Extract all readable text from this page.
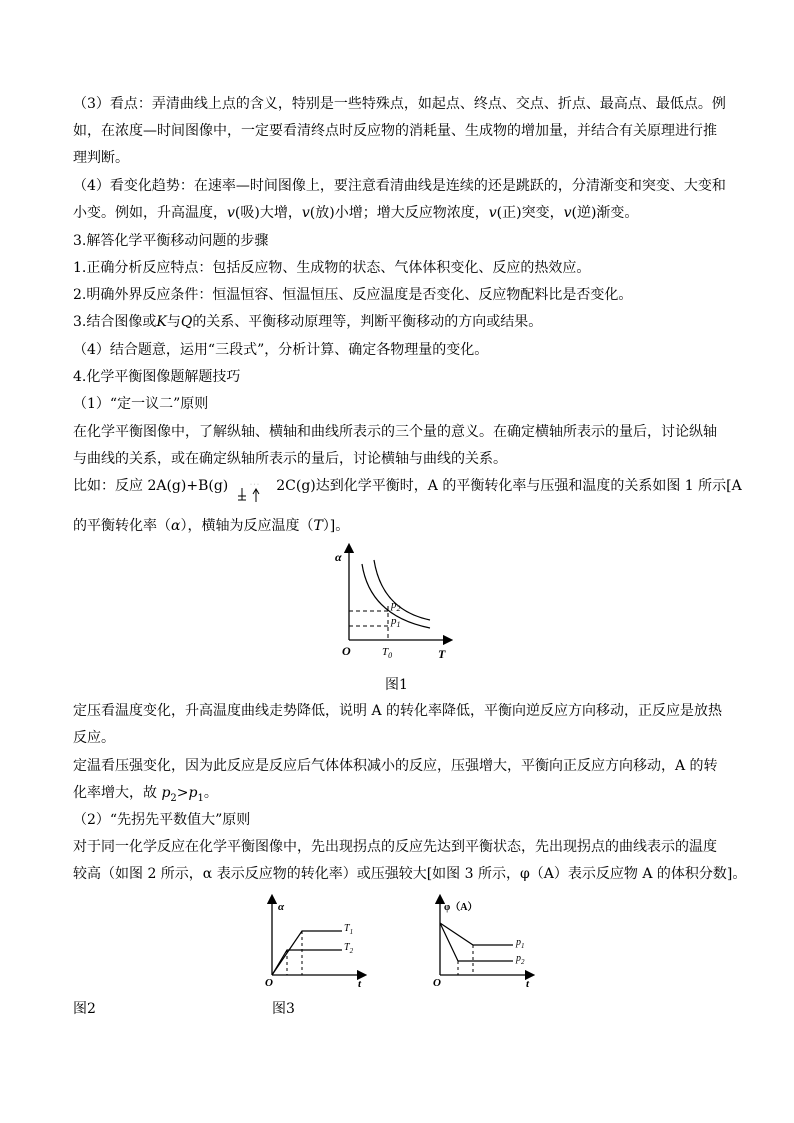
（3）看点：弄清曲线上点的含义，特别是一些特殊点，如起点、终点、交点、折点、最高点、最低点。例
如，在浓度—时间图像中，一定要看清终点时反应物的消耗量、生成物的增加量，并结合有关原理进行推
理判断。
（4）看变化趋势：在速率—时间图像上，要注意看清曲线是连续的还是跳跃的，分清渐变和突变、大变和
小变。例如，升高温度，v(吸)大增，v(放)小增；增大反应物浓度，v(正)突变，v(逆)渐变。
3.解答化学平衡移动问题的步骤
1.正确分析反应特点：包括反应物、生成物的状态、气体体积变化、反应的热效应。
2.明确外界反应条件：恒温恒容、恒温恒压、反应温度是否变化、反应物配料比是否变化。
3.结合图像或K与Q的关系、平衡移动原理等，判断平衡移动的方向或结果。
（4）结合题意，运用“三段式”，分析计算、确定各物理量的变化。
4.化学平衡图像题解题技巧
（1）“定一议二”原则
在化学平衡图像中，了解纵轴、横轴和曲线所表示的三个量的意义。在确定横轴所表示的量后，讨论纵轴
与曲线的关系，或在确定纵轴所表示的量后，讨论横轴与曲线的关系。
比如：反应 2A(g)+B(g)	· · · 2C(g)达到化学平衡时，A 的平衡转化率与压强和温度的关系如图 1 所示[A
的平衡转化率（α），横轴为反应温度（T）]。
α
T
O
$p_2$
$p_1$
$T_0$
图1
定压看温度变化，升高温度曲线走势降低，说明 A 的转化率降低，平衡向逆反应方向移动，正反应是放热
反应。
定温看压强变化，因为此反应是反应后气体体积减小的反应，压强增大，平衡向正反应方向移动，A 的转
化率增大，故 $p_2>p_1$。
（2）“先拐先平数值大”原则
对于同一化学反应在化学平衡图像中，先出现拐点的反应先达到平衡状态，先出现拐点的曲线表示的温度
较高（如图 2 所示，α 表示反应物的转化率）或压强较大[如图 3 所示，φ（A）表示反应物 A 的体积分数]。
α
t
O
$T_1$
$T_2$
φ（A）
t
O
$p_1$
$p_2$
图2	图3
